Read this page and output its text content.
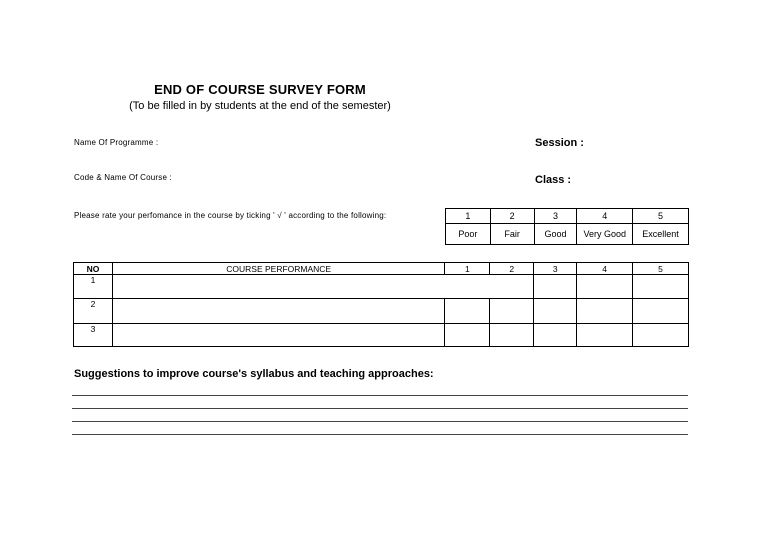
END OF COURSE SURVEY FORM
(To be filled in by students at the end of the semester)
Name Of Programme :	Session :
Code & Name Of Course :	Class :
Please rate your perfomance in the course by ticking ' √ ' according to the following:	1	2	3	4	5
Poor	Fair	Good	Very Good	Excellent
NO	COURSE PERFORMANCE	1	2	3	4	5
1						
2						
3						
Suggestions to improve course's syllabus and teaching approaches:
